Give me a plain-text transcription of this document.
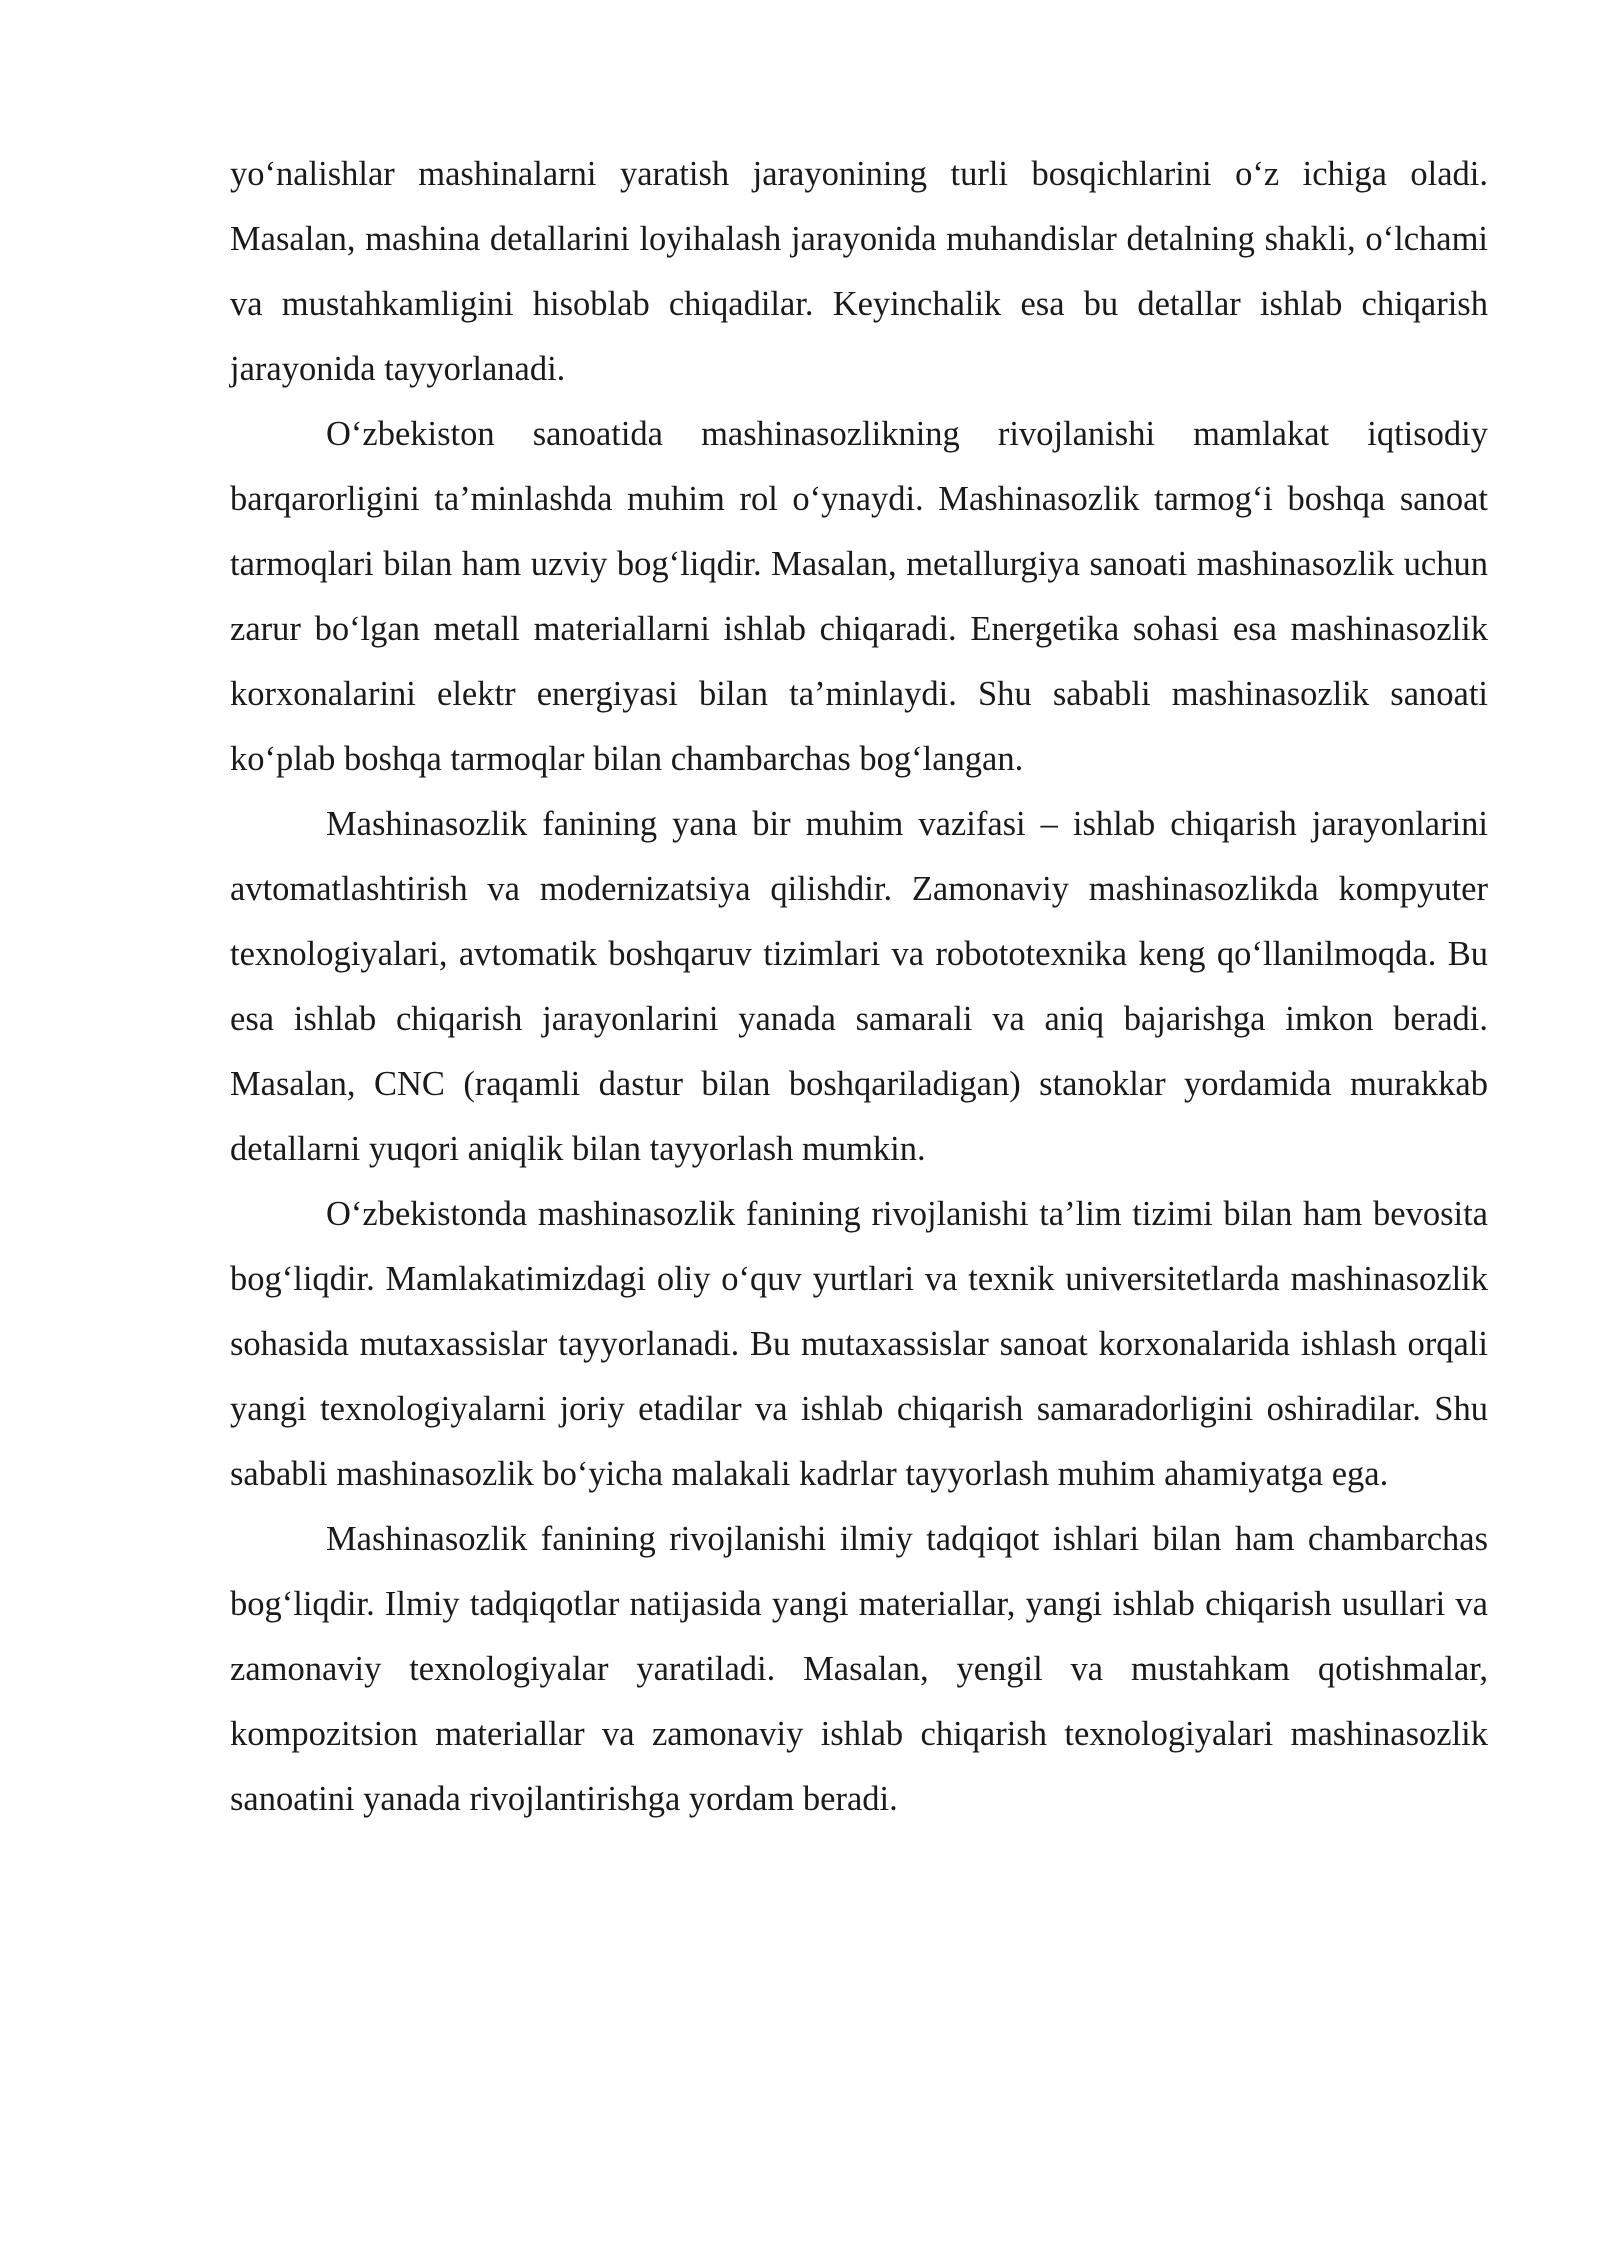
yo‘nalishlar mashinalarni yaratish jarayonining turli bosqichlarini o‘z ichiga oladi. Masalan, mashina detallarini loyihalash jarayonida muhandislar detalning shakli, o‘lchami va mustahkamligini hisoblab chiqadilar. Keyinchalik esa bu detallar ishlab chiqarish jarayonida tayyorlanadi.

O‘zbekiston sanoatida mashinasozlikning rivojlanishi mamlakat iqtisodiy barqarorligini ta’minlashda muhim rol o‘ynaydi. Mashinasozlik tarmog‘i boshqa sanoat tarmoqlari bilan ham uzviy bog‘liqdir. Masalan, metallurgiya sanoati mashinasozlik uchun zarur bo‘lgan metall materiallarni ishlab chiqaradi. Energetika sohasi esa mashinasozlik korxonalarini elektr energiyasi bilan ta’minlaydi. Shu sababli mashinasozlik sanoati ko‘plab boshqa tarmoqlar bilan chambarchas bog‘langan.

Mashinasozlik fanining yana bir muhim vazifasi – ishlab chiqarish jarayonlarini avtomatlashtirish va modernizatsiya qilishdir. Zamonaviy mashinasozlikda kompyuter texnologiyalari, avtomatik boshqaruv tizimlari va robototexnika keng qo‘llanilmoqda. Bu esa ishlab chiqarish jarayonlarini yanada samarali va aniq bajarishga imkon beradi. Masalan, CNC (raqamli dastur bilan boshqariladigan) stanoklar yordamida murakkab detallarni yuqori aniqlik bilan tayyorlash mumkin.

O‘zbekistonda mashinasozlik fanining rivojlanishi ta’lim tizimi bilan ham bevosita bog‘liqdir. Mamlakatimizdagi oliy o‘quv yurtlari va texnik universitetlarda mashinasozlik sohasida mutaxassislar tayyorlanadi. Bu mutaxassislar sanoat korxonalarida ishlash orqali yangi texnologiyalarni joriy etadilar va ishlab chiqarish samaradorligini oshiradilar. Shu sababli mashinasozlik bo‘yicha malakali kadrlar tayyorlash muhim ahamiyatga ega.

Mashinasozlik fanining rivojlanishi ilmiy tadqiqot ishlari bilan ham chambarchas bog‘liqdir. Ilmiy tadqiqotlar natijasida yangi materiallar, yangi ishlab chiqarish usullari va zamonaviy texnologiyalar yaratiladi. Masalan, yengil va mustahkam qotishmalar, kompozitsion materiallar va zamonaviy ishlab chiqarish texnologiyalari mashinasozlik sanoatini yanada rivojlantirishga yordam beradi.
